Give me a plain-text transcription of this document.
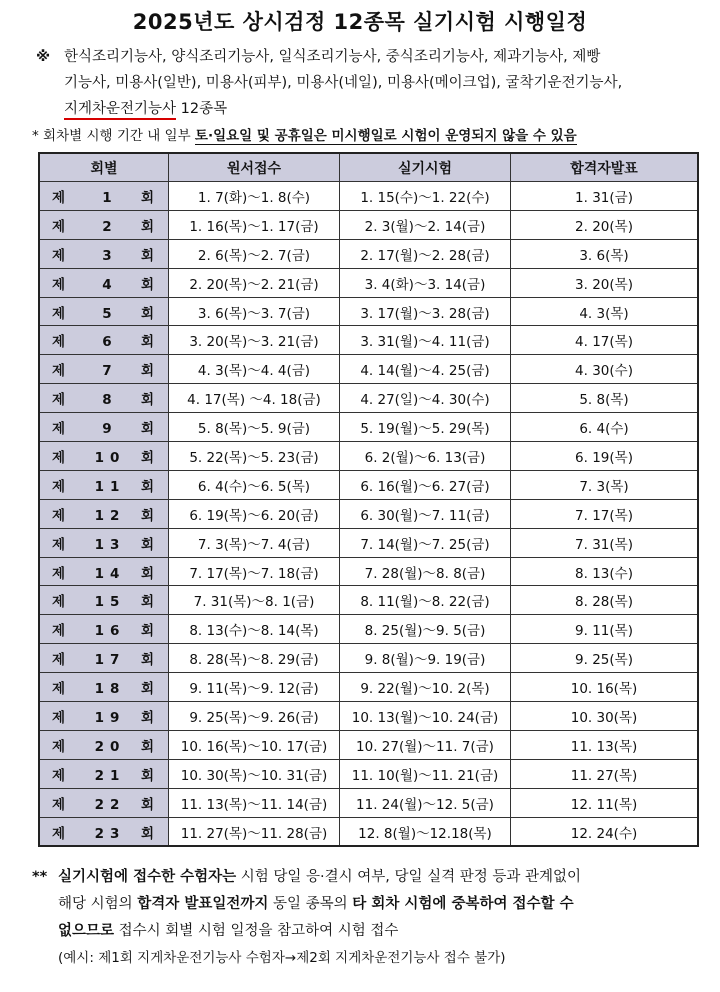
2025년도 상시검정 12종목 실기시험 시행일정
※ 한식조리기능사, 양식조리기능사, 일식조리기능사, 중식조리기능사, 제과기능사, 제빵
기능사, 미용사(일반), 미용사(피부), 미용사(네일), 미용사(메이크업), 굴착기운전기능사,
지게차운전기능사 12종목
* 회차별 시행 기간 내 일부 토·일요일 및 공휴일은 미시행일로 시험이 운영되지 않을 수 있음
회별	원서접수	실기시험	합격자발표
제 1 회	1. 7(화)～1. 8(수)	1. 15(수)～1. 22(수)	1. 31(금)
제 2 회	1. 16(목)～1. 17(금)	2. 3(월)～2. 14(금)	2. 20(목)
제 3 회	2. 6(목)～2. 7(금)	2. 17(월)～2. 28(금)	3. 6(목)
제 4 회	2. 20(목)～2. 21(금)	3. 4(화)～3. 14(금)	3. 20(목)
제 5 회	3. 6(목)～3. 7(금)	3. 17(월)～3. 28(금)	4. 3(목)
제 6 회	3. 20(목)～3. 21(금)	3. 31(월)～4. 11(금)	4. 17(목)
제 7 회	4. 3(목)～4. 4(금)	4. 14(월)～4. 25(금)	4. 30(수)
제 8 회	4. 17(목) ～4. 18(금)	4. 27(일)～4. 30(수)	5. 8(목)
제 9 회	5. 8(목)～5. 9(금)	5. 19(월)～5. 29(목)	6. 4(수)
제 10 회	5. 22(목)～5. 23(금)	6. 2(월)～6. 13(금)	6. 19(목)
제 11 회	6. 4(수)～6. 5(목)	6. 16(월)～6. 27(금)	7. 3(목)
제 12 회	6. 19(목)～6. 20(금)	6. 30(월)～7. 11(금)	7. 17(목)
제 13 회	7. 3(목)～7. 4(금)	7. 14(월)～7. 25(금)	7. 31(목)
제 14 회	7. 17(목)～7. 18(금)	7. 28(월)～8. 8(금)	8. 13(수)
제 15 회	7. 31(목)～8. 1(금)	8. 11(월)～8. 22(금)	8. 28(목)
제 16 회	8. 13(수)～8. 14(목)	8. 25(월)～9. 5(금)	9. 11(목)
제 17 회	8. 28(목)～8. 29(금)	9. 8(월)～9. 19(금)	9. 25(목)
제 18 회	9. 11(목)～9. 12(금)	9. 22(월)～10. 2(목)	10. 16(목)
제 19 회	9. 25(목)～9. 26(금)	10. 13(월)～10. 24(금)	10. 30(목)
제 20 회	10. 16(목)～10. 17(금)	10. 27(월)～11. 7(금)	11. 13(목)
제 21 회	10. 30(목)～10. 31(금)	11. 10(월)～11. 21(금)	11. 27(목)
제 22 회	11. 13(목)～11. 14(금)	11. 24(월)～12. 5(금)	12. 11(목)
제 23 회	11. 27(목)～11. 28(금)	12. 8(월)～12.18(목)	12. 24(수)
** 실기시험에 접수한 수험자는 시험 당일 응·결시 여부, 당일 실격 판정 등과 관계없이
해당 시험의 합격자 발표일전까지 동일 종목의 타 회차 시험에 중복하여 접수할 수
없으므로 접수시 회별 시험 일정을 참고하여 시험 접수
(예시: 제1회 지게차운전기능사 수험자→제2회 지게차운전기능사 접수 불가)
